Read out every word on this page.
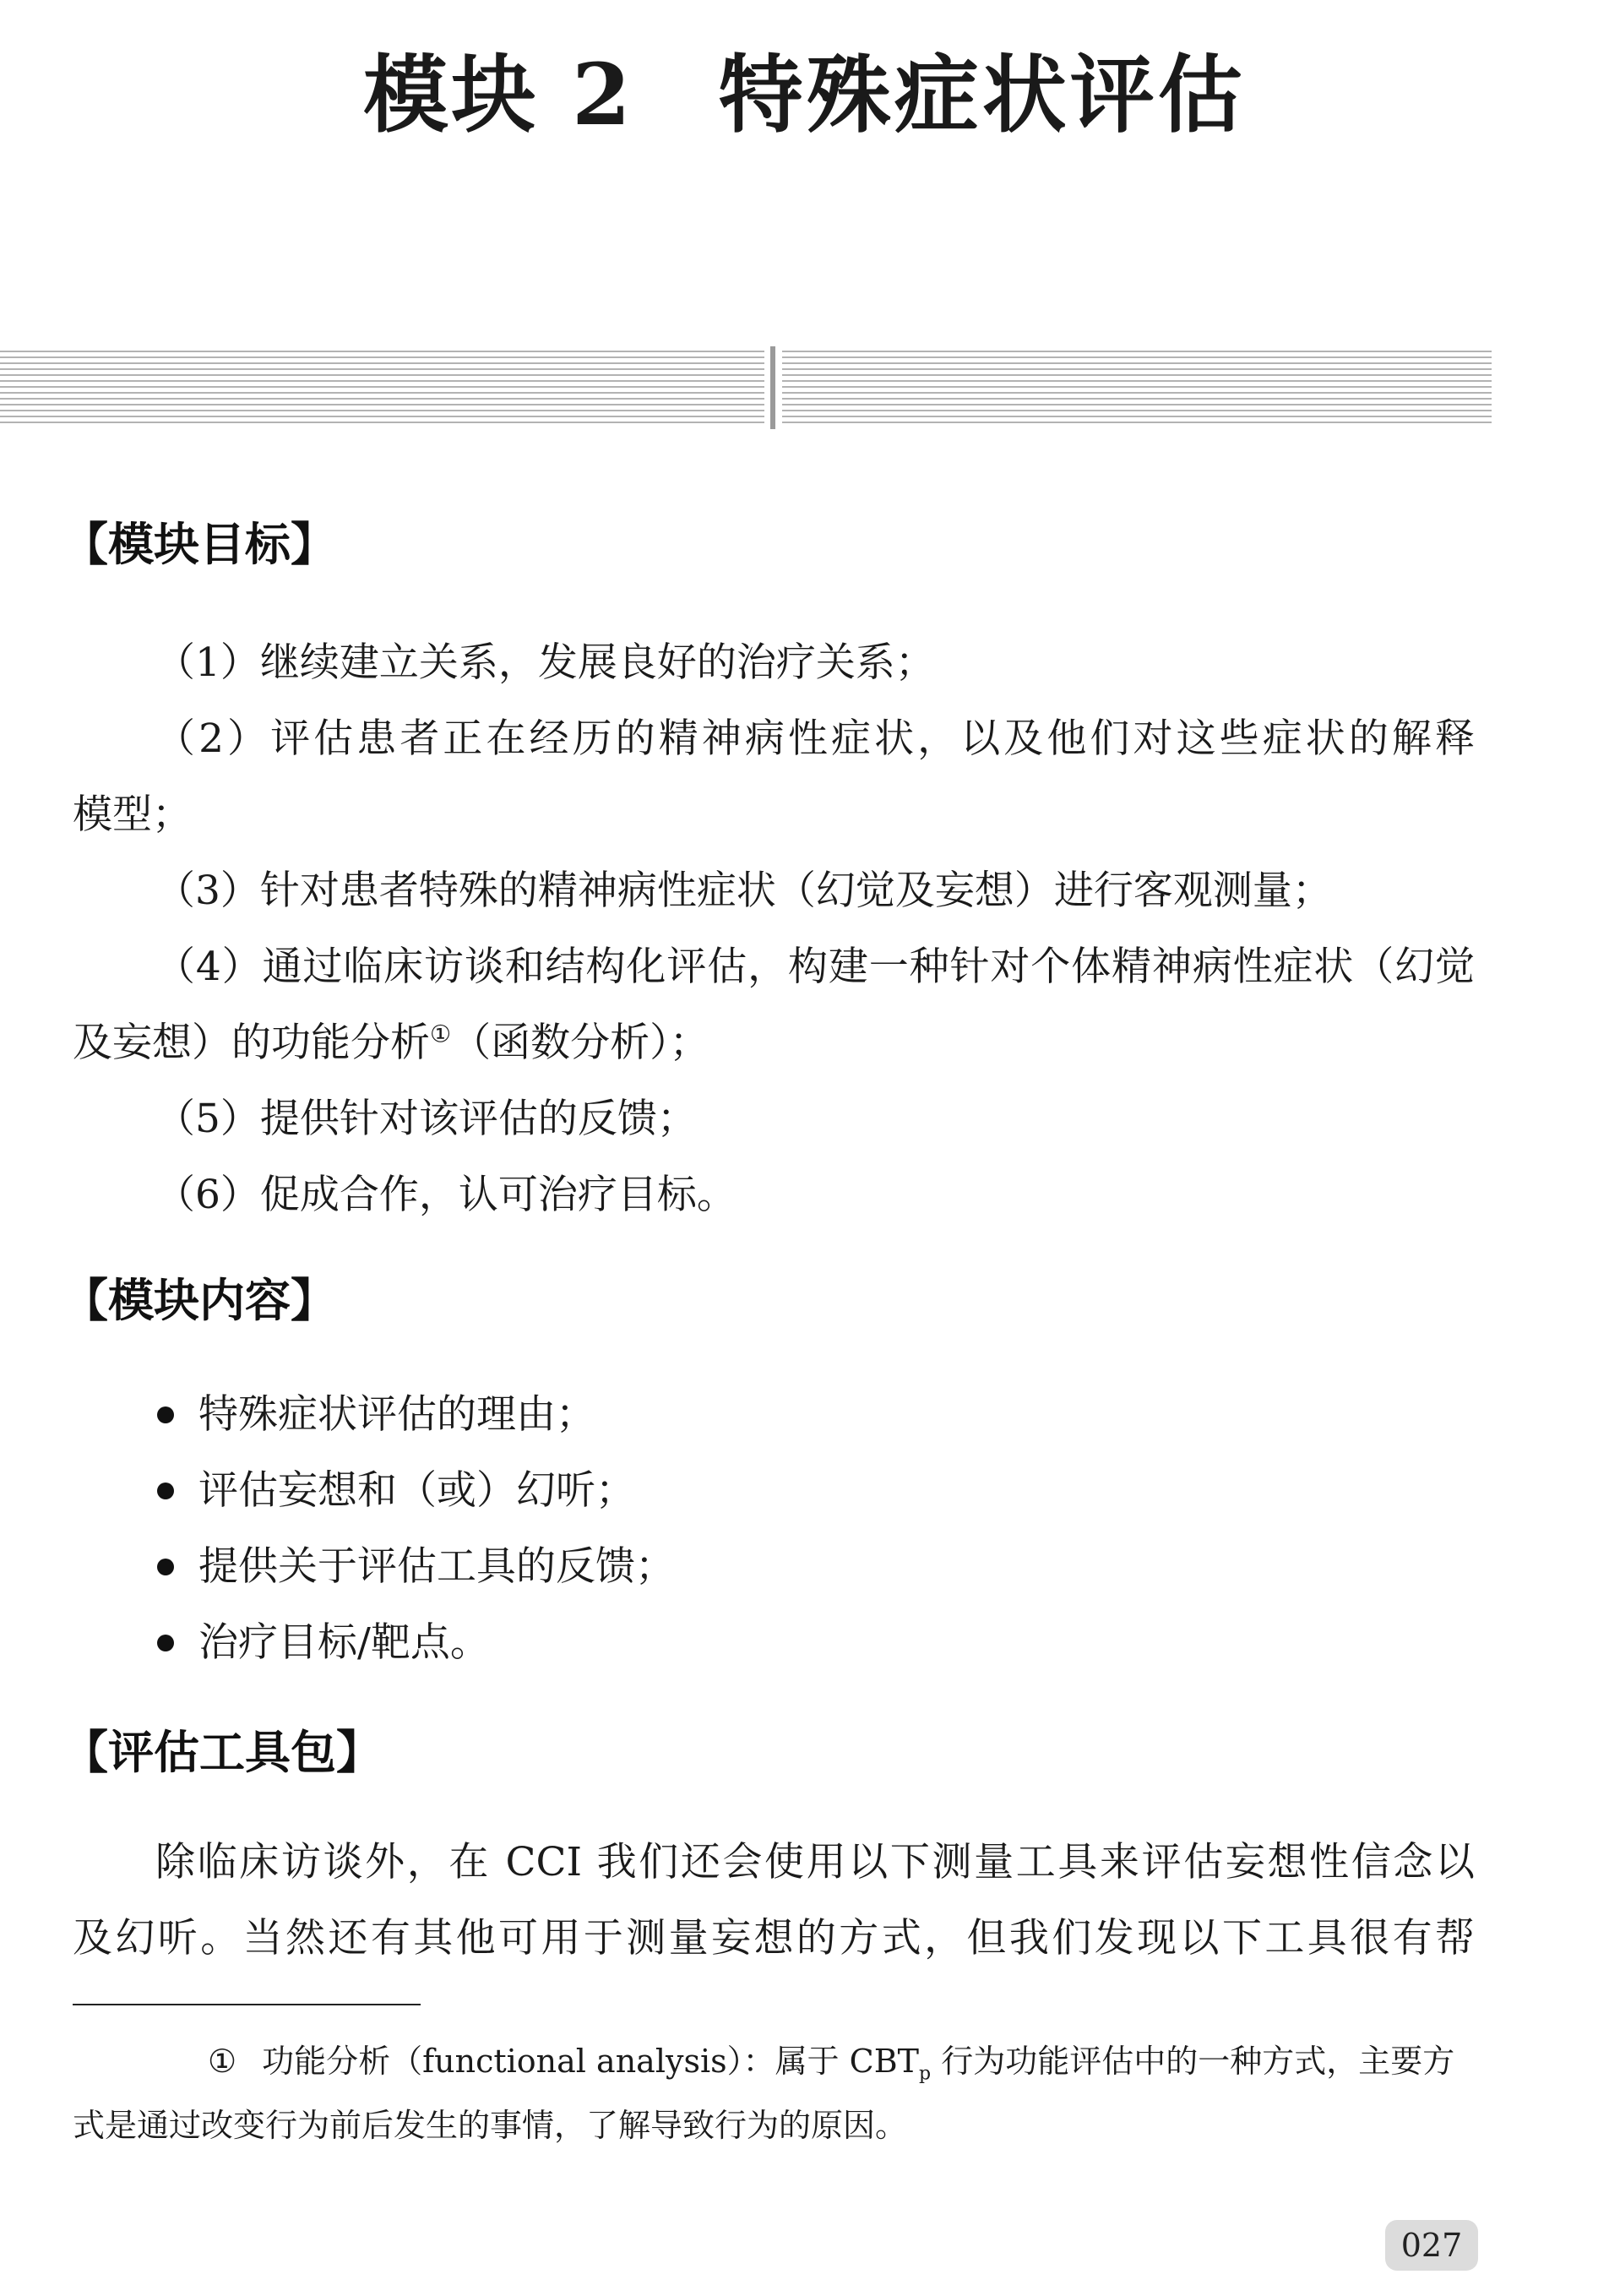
模块 2 特殊症状评估
【模块目标】

（1）继续建立关系，发展良好的治疗关系；

（2）评估患者正在经历的精神病性症状，以及他们对这些症状的解释

模型；

（3）针对患者特殊的精神病性症状（幻觉及妄想）进行客观测量；

（4）通过临床访谈和结构化评估，构建一种针对个体精神病性症状（幻觉

及妄想）的功能分析①（函数分析）；

（5）提供针对该评估的反馈；

（6）促成合作，认可治疗目标。

【模块内容】
特殊症状评估的理由；
评估妄想和（或）幻听；
提供关于评估工具的反馈；
治疗目标/靶点。
【评估工具包】

除临床访谈外，在 CCI 我们还会使用以下测量工具来评估妄想性信念以

及幻听。当然还有其他可用于测量妄想的方式，但我们发现以下工具很有帮

① 功能分析（functional analysis）：属于 $CBT_p$ 行为功能评估中的一种方式，主要方式是通过改变行为前后发生的事情，了解导致行为的原因。

027
